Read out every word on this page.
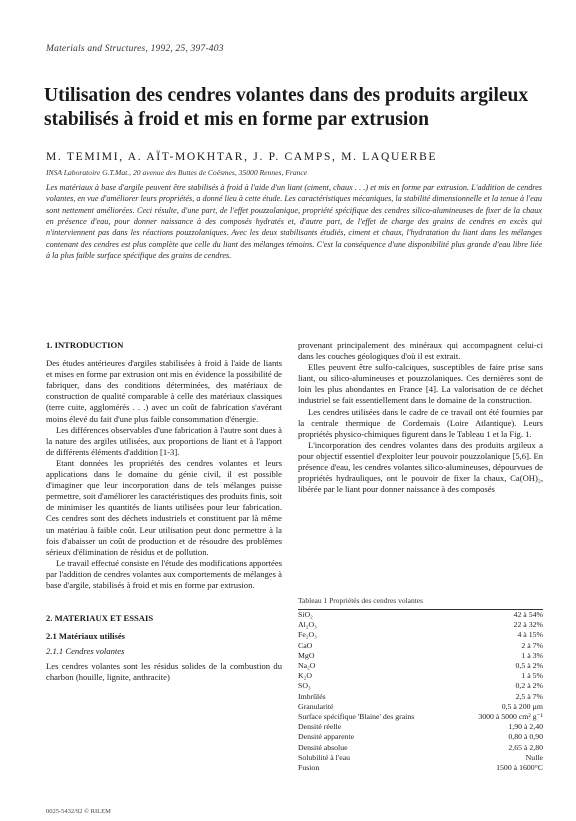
Materials and Structures, 1992, 25, 397-403
Utilisation des cendres volantes dans des produits argileux stabilisés à froid et mis en forme par extrusion
M. TEMIMI, A. AÏT-MOKHTAR, J. P. CAMPS, M. LAQUERBE
INSA Laboratoire G.T.Mat., 20 avenue des Buttes de Coësmes, 35000 Rennes, France
Les matériaux à base d'argile peuvent être stabilisés à froid à l'aide d'un liant (ciment, chaux . . .) et mis en forme par extrusion. L'addition de cendres volantes, en vue d'améliorer leurs propriétés, a donné lieu à cette étude. Les caractéristiques mécaniques, la stabilité dimensionnelle et la tenue à l'eau sont nettement améliorées. Ceci résulte, d'une part, de l'effet pouzzolanique, propriété spécifique des cendres silico-alumineuses de fixer de la chaux en présence d'eau, pour donner naissance à des composés hydratés et, d'autre part, de l'effet de charge des grains de cendres en excès qui n'interviennent pas dans les réactions pouzzolaniques. Avec les deux stabilisants étudiés, ciment et chaux, l'hydratation du liant dans les mélanges contenant des cendres est plus complète que celle du liant des mélanges témoins. C'est la conséquence d'une disponibilité plus grande d'eau libre liée à la plus faible surface spécifique des grains de cendres.
1. INTRODUCTION

Des études antérieures d'argiles stabilisées à froid à l'aide de liants et mises en forme par extrusion ont mis en évidence la possibilité de fabriquer, dans des conditions déterminées, des matériaux de construction de qualité comparable à celle des matériaux classiques (terre cuite, agglomérés . . .) avec un coût de fabrication s'avérant moins élevé du fait d'une plus faible consommation d'énergie.

Les différences observables d'une fabrication à l'autre sont dues à la nature des argiles utilisées, aux proportions de liant et à l'apport de différents éléments d'addition [1-3].

Etant données les propriétés des cendres volantes et leurs applications dans le domaine du génie civil, il est possible d'imaginer que leur incorporation dans de tels mélanges puisse permettre, soit d'améliorer les caractéristiques des produits finis, soit de minimiser les quantités de liants utilisées pour leur fabrication. Ces cendres sont des déchets industriels et constituent par là même un matériau à faible coût. Leur utilisation peut donc permettre à la fois d'abaisser un coût de production et de résoudre des problèmes sérieux d'élimination de résidus et de pollution.

Le travail effectué consiste en l'étude des modifications apportées par l'addition de cendres volantes aux comportements de mélanges à base d'argile, stabilisés à froid et mis en forme par extrusion.

2. MATERIAUX ET ESSAIS
2.1 Matériaux utilisés
2.1.1 Cendres volantes

Les cendres volantes sont les résidus solides de la combustion du charbon (houille, lignite, anthracite)

provenant principalement des minéraux qui accompagnent celui-ci dans les couches géologiques d'où il est extrait.

Elles peuvent être sulfo-calciques, susceptibles de faire prise sans liant, ou silico-alumineuses et pouzzolaniques. Ces dernières sont de loin les plus abondantes en France [4]. La valorisation de ce déchet industriel se fait essentiellement dans le domaine de la construction.

Les cendres utilisées dans le cadre de ce travail ont été fournies par la centrale thermique de Cordemais (Loire Atlantique). Leurs propriétés physico-chimiques figurent dans le Tableau 1 et la Fig. 1.

L'incorporation des cendres volantes dans des produits argileux a pour objectif essentiel d'exploiter leur pouvoir pouzzolanique [5,6]. En présence d'eau, les cendres volantes silico-alumineuses, dépourvues de propriétés hydrauliques, ont le pouvoir de fixer la chaux, Ca(OH)₂, libérée par le liant pour donner naissance à des composés

Tableau 1 Propriétés des cendres volantes
SiO₂	42 à 54%
Al₂O₃	22 à 32%
Fe₂O₃	4 à 15%
CaO	2 à 7%
MgO	1 à 3%
Na₂O	0,5 à 2%
K₂O	1 à 5%
SO₃	0,2 à 2%
Imbrûlés	2,5 à 7%
Granularité	0,5 à 200 µm
Surface spécifique 'Blaine' des grains	3000 à 5000 cm² g⁻¹
Densité réelle	1,90 à 2,40
Densité apparente	0,80 à 0,90
Densité absolue	2,65 à 2,80
Solubilité à l'eau	Nulle
Fusion	1500 à 1600°C
0025-5432/92 © RILEM
